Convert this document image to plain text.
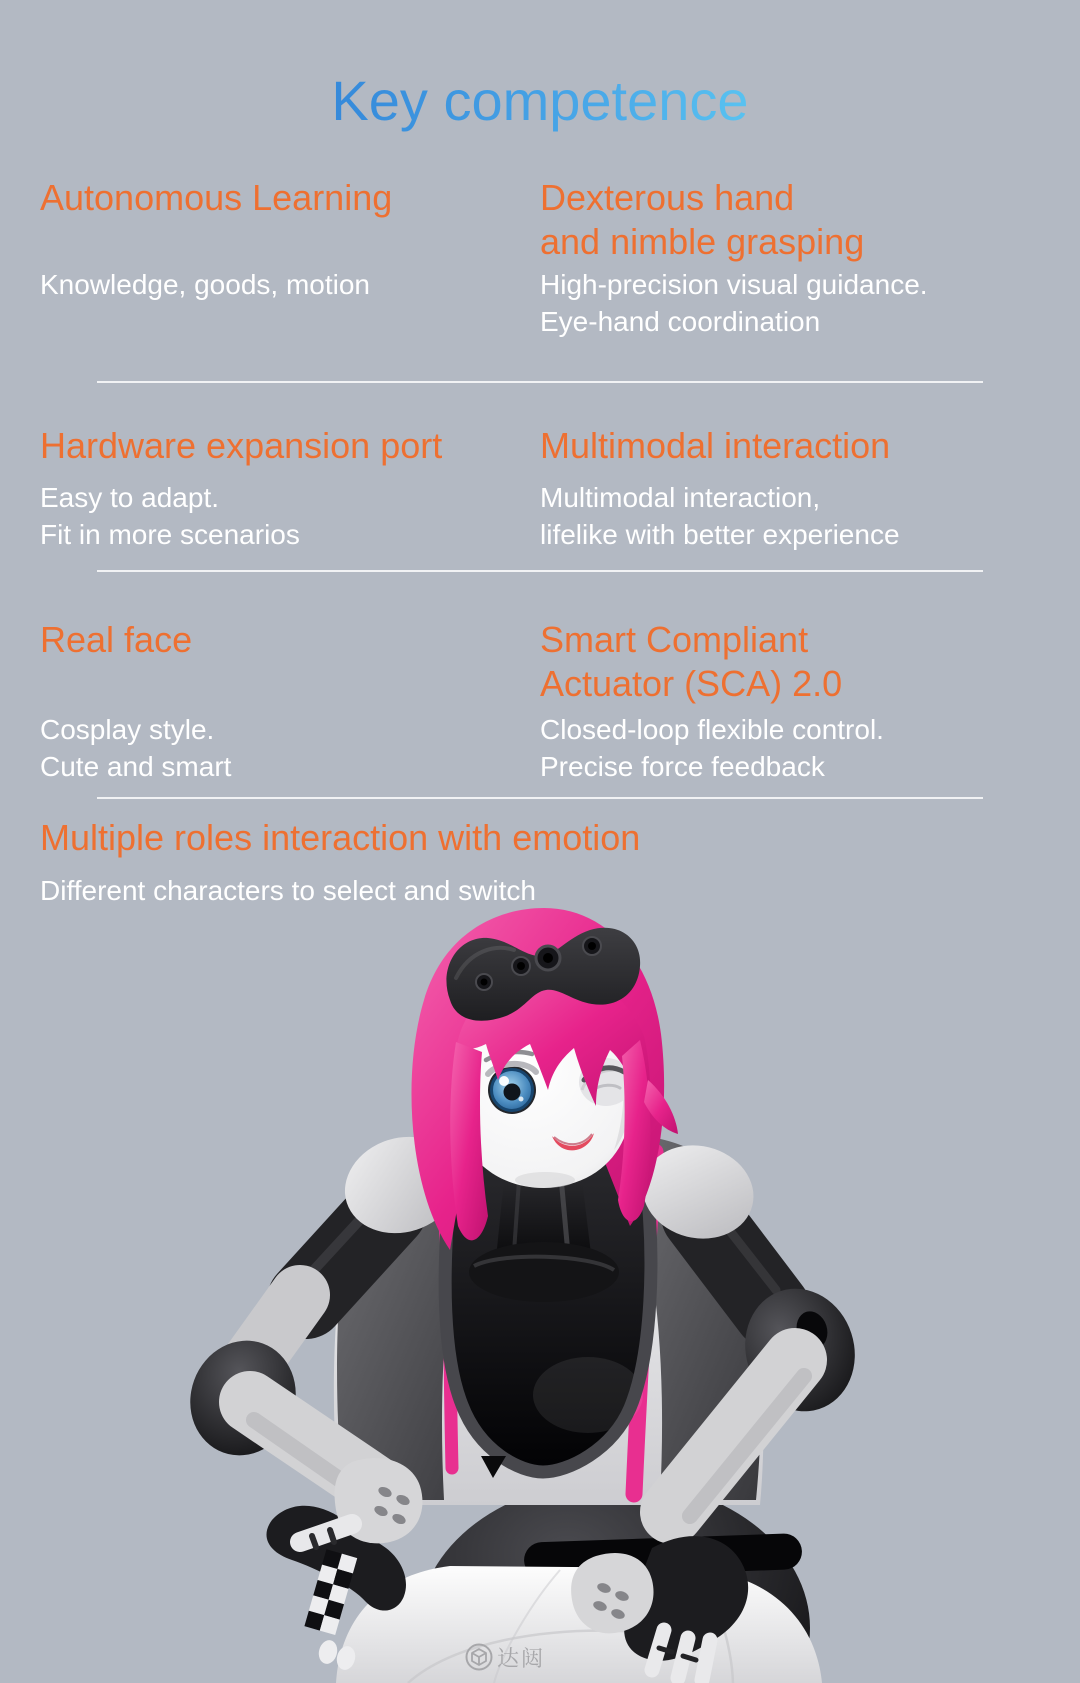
Key competence
Autonomous Learning
Knowledge, goods, motion
Dexterous hand
and nimble grasping
High-precision visual guidance.
Eye-hand coordination
Hardware expansion port
Easy to adapt.
Fit in more scenarios
Multimodal interaction
Multimodal interaction,
lifelike with better experience
Real face
Cosplay style.
Cute and smart
Smart Compliant
Actuator (SCA) 2.0
Closed-loop flexible control.
Precise force feedback
Multiple roles interaction with emotion
Different characters to select and switch
达闼
